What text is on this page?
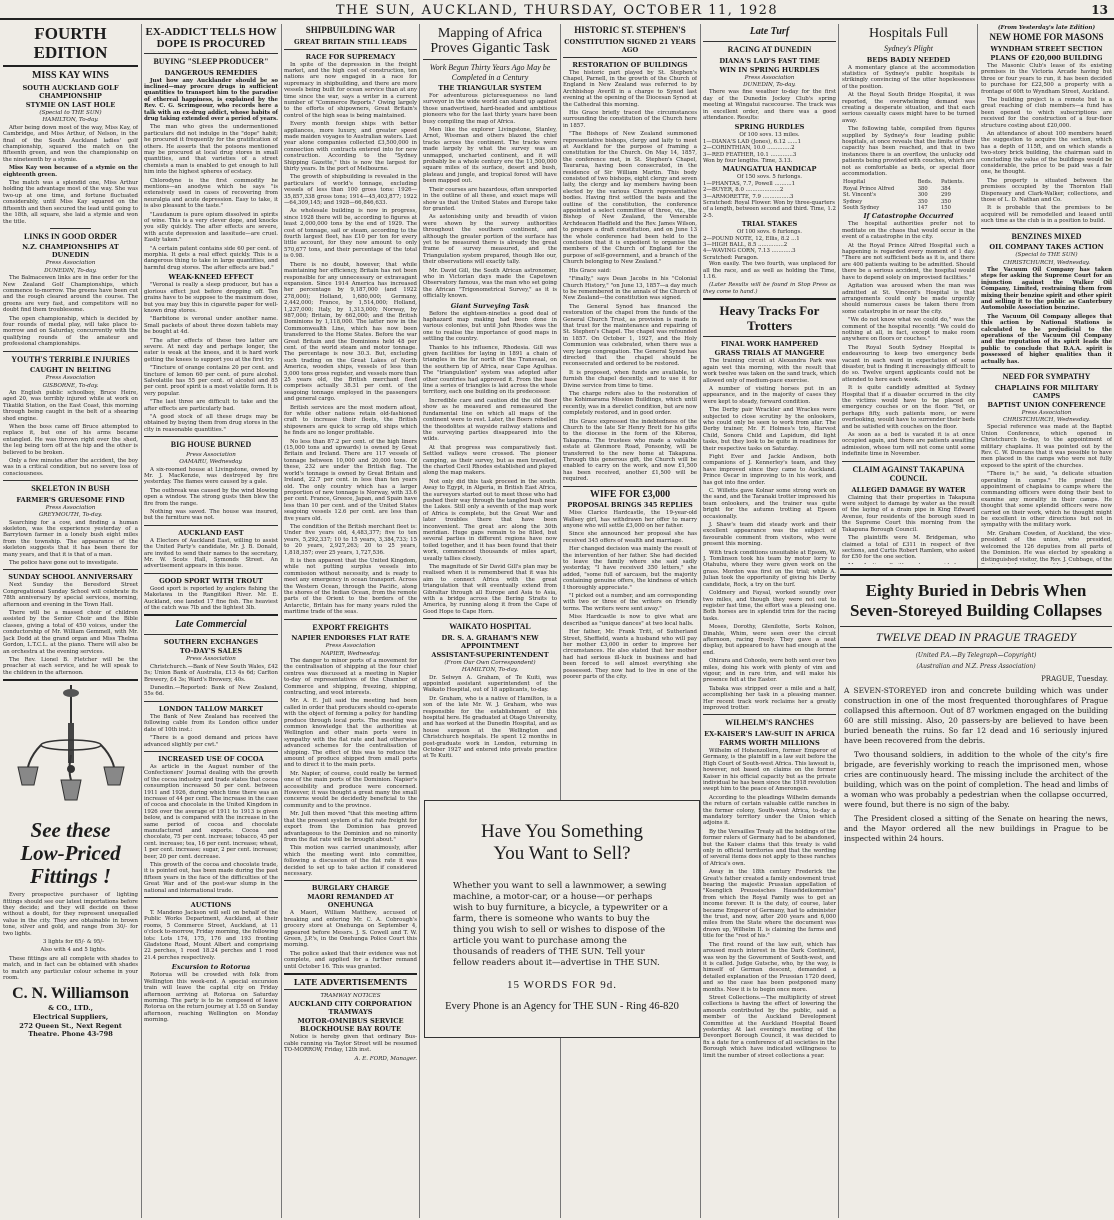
THE SUN, AUCKLAND, THURSDAY, OCTOBER 11, 1928	13
FOURTH EDITION
MISS KAY WINS
SOUTH AUCKLAND GOLF CHAMPIONSHIP
STYMIE ON LAST HOLE
(Special to THE SUN)
HAMILTON, To-day.

After being down most of the way, Miss Kay, of Cambridge, and Miss Arthur, of Nelson, in the final of the South Auckland ladies' golf championship, squared the match on the fifteenth green, and won the championship on the nineteenth by a stymie.

Miss Kay won because of a stymie on the eighteenth green.

The match was a splendid one, Miss Arthur holding the advantage most of the way. She was two-up at one time, and fortune fluctuated considerably, until Miss Kay squared on the fifteenth and then secured the lead until going to the 18th, all square, she laid a stymie and won the title.

LINKS IN GOOD ORDER
N.Z. CHAMPIONSHIPS AT DUNEDIN
Press Association
DUNEDIN, To-day.

The Balmacewen links are in fine order for the New Zealand Golf Championships, which commence to-morrow. The greens have been cut and the rough cleared around the course. The greens are very fast, and competitors will no doubt find them troublesome.

The open championship, which is decided by four rounds of medal play, will take place to-morrow and on Saturday, concurrently with the qualifying rounds of the amateur and professional championships.

YOUTH'S TERRIBLE INJURIES
CAUGHT IN BELTING
Press Association
GISBORNE, To-day.

An English public schoolboy, Bruce Heire, aged 20, was terribly injured while at work on Tikatiki Station, on the East Coast, this morning through being caught in the belt of a shearing shed engine.

When the boss came off Bruce attempted to replace it, but one of his arms became entangled. He was thrown right over the shed, the leg being torn off at the hip and the other is believed to be broken.

Only a few minutes after the accident, the boy was in a critical condition, but no severe loss of consciousness.

SKELETON IN BUSH
FARMER'S GRUESOME FIND
Press Association
GREYMOUTH, To-day.

Searching for a cow, and finding a human skeleton, was the experience yesterday of a Barrytown farmer in a lonely bush eight miles from the township. The appearance of the skeleton suggests that it has been there for many years, and that it is that of a man.

The police have gone out to investigate.

SUNDAY SCHOOL ANNIVERSARY

Next Sunday the Beresford Street Congregational Sunday School will celebrate its 78th anniversary by special services, morning, afternoon and evening in the Town Hall.

There will be a massed choir of children assisted by the Senior Choir and the Bible classes, giving a total of 450 voices, under the conductorship of Mr. William Gemmell, with Mr. Jack Dodd at the grand organ and Miss Thelma Gordon, L.T.C.L. at the piano. There will also be an orchestra at the evening services.

The Rev. Lionel B. Fletcher will be the preacher at each service, and he will speak to the children in the afternoon.

See these
Low-Priced
Fittings !

Every prospective purchaser of lighting fittings should see our latest importations before they decide; and they will decide on these without a doubt, for they represent unequalled value in the city. They are obtainable in brown tone, silver and gold, and range from 30/- for two lights.

3 lights for 65/- & 95/-

Also with 4 and 5 lights.

These fittings are all complete with shades to match, and in fact can be obtained with shades to match any particular colour scheme in your room.

C. N. Williamson
& CO., LTD.,
Electrical Suppliers,
272 Queen St., Next Regent Theatre. Phone 43-798
EX-ADDICT TELLS HOW DOPE IS PROCURED
BUYING "SLEEP PRODUCER"
DANGEROUS REMEDIES

Just how any Aucklander should be so inclined—may procure drugs in sufficient quantities to transport him to the paradise of ethereal happiness, is explained by the Rev. C. G. Scrimgeour, who records here a talk with an ex-drug addict, whose habits of drug taking extended over a period of years.

The man who gives the undermentioned particulars did not indulge in the "dope" habit; he procured it frequently for the gratification of others. He asserts that the poisons mentioned may be procured at local drug stores in small quantities, and that varieties of a street chemists a man is enabled to get enough to lull him into the highest spheres of ecstacy.

Chlorodyne is the first commodity he mentions—an anodyne which he says "is extensively used in cases of recovering from neuralgia and acute depression. Easy to take, it is also pleasant to the taste."

"Laudanum is pure opium dissolved in spirits of wine. This is a very clever dope, and knocks you silly quickly. The after effects are severe, with acute depression and lassitude—are cruel. Easily taken."

"A certain patent contains side 60 per cent. of morphia. It gets a real effect quickly. This is a dangerous thing to take in large quantities, and harmful drug stores. The after effects are bad."

WEAK-KNEED EFFECT

"Veronal is really a sleep producer, but has a glorious effect just before dropping off. Ten grains have to be suppose to the maximum dose, but you may buy this in cigarette paper for well-known drug stores.

"Barbitone is veronal under another name. Small packets of about three dozen tablets may be bought at 4d.

"The after effects of these two latter are severe. At next day and perhaps longer, the eater is weak at the knees, and it is hard work getting the knees to support you at the first try.

"Tincture of orange contains 20 per cent. and tincture of lemon 60 per cent. of pure alcohol. Salvolatile has 55 per cent. of alcohol and 85 per cent. proof spirit is a most volatile form. It is very popular.

"The last three are difficult to take and the after effects are particularly bad.

"A good stock of all these drugs may be obtained by buying them from drug stores in the city in reasonable quantities."

BIG HOUSE BURNED
Press Association
OAMARU, Wednesday.

A six-roomed house at Livingstone, owned by Mr. J. MacKenzie, was destroyed by fire yesterday. The flames were caused by a gale.

The outbreak was caused by the wind blowing open a window. The strong gusts then blew the fire from the range.

Nothing was saved. The house was insured, but the furniture was not.

AUCKLAND EAST

A Electors of Auckland East, willing to assist the United Party's candidate, Mr. J. B. Donald, are invited to send their names to the secretary, Mr. W. Scots Hall, Symonds Street. An advertisement appears in this issue.

GOOD SPORT WITH TROUT

Good sport is reported by anglers fishing the Maketawa in the Rangitikei River. Mr. E. Auckland, one landed 17 fine fish. The heaviest of the catch was 7lb and the lightest 3lb.

Late Commercial
SOUTHERN EXCHANGES
TO-DAY'S SALES
Press Association

Christchurch.—Bank of New South Wales, £42 5s; Union Bank of Australia, £13 4s 6d; Carlton Brewery, £4 3s; Ward's Brewery, 40s.

Dunedin.—Reported: Bank of New Zealand, 55s 6d.

LONDON TALLOW MARKET

The Bank of New Zealand has received the following cable from its London office under date of 10th inst.:

"There is a good demand and prices have advanced slightly per cwt."

INCREASED USE OF COCOA

As article in the August number of the Confectioners' Journal dealing with the growth of the cocoa industry and trade states that cocoa consumption increased 50 per cent. between 1911 and 1926, during which time there was an increase of 44 per cent. The increase in the case of cocoa and chocolate in the United Kingdom in 1926 over the average of 1911 to 1913 is given below, and is compared with the increase in the same period of cocoa and chocolate manufactured and exports. Cocoa and chocolate, 75 per cent. increase; tobacco, 45 per cent. increase; tea, 16 per cent. increase; wheat, 1 per cent. increase; sugar, 2 per cent. increase; beer, 20 per cent. decrease.

This growth of the cocoa and chocolate trade, it is pointed out, has been made during the past fifteen years in the face of the difficulties of the Great War and of the post-war slump in the national and international trade.

AUCTIONS

T. Mandeno Jackson will sell on behalf of the Public Works Department, Auckland, at their rooms, 5 Commerce Street, Auckland, at 11 o'clock to-morrow, Friday morning, the following lots: Lots 174, 175, 176 and 193 fronting Gladstone Road, Mount Albert and comprising 22 perches, 1 rood 18.24 perches and 1 rood 21.4 perches respectively.

Excursion to Rotorua

Rotorua will be crowded with folk from Wellington this week-end. A special excursion train will leave the capital city on Friday afternoon arriving at Rotorua on Saturday morning. The party is to be composed of leave Rotorua on the return journey at 1.55 on Sunday afternoon, reaching Wellington on Monday morning.

SHIPBUILDING WAR
GREAT BRITAIN STILL LEADS
RACE FOR SUPREMACY

In spite of the depression in the freight market, and the high cost of construction, ten nations are now engaged in a race for supremacy in shipbuilding, and there are more vessels being built for ocean service than at any time since the war, says a writer in a current number of "Commerce Reports." Owing largely to the efforts of shipowners, Great Britain's control of the high seas is being maintained.

Every month foreign ships with better appliances, more luxury, and greater speed made maiden voyages to Australian waters. Last year alone companies collected £3,500,000 in connection with contracts entered into for new construction. According to the "Sydney Shipping Gazette," this is now the largest for thirty years. In the port of Melbourne.

The growth of shipbuilding is revealed in the particulars of world's tonnage, excluding vessels of less than 100 gross tons: 1926—35,857,338 gross tons; 1914—45,403,877; 1922—64,309,145; and 1928—66,846,633.

As wholesale building is now in progress, since 1928 there will be, according to figures at least 2,000,000 tons by the end of 1929. The cost of tonnage, sail or steam, according to the fourth largest fleet, has £10 per ton for every little account, for they now amount to only 570,677 tons, and their percentage of the total is 0.98.

There is no doubt, however, that while maintaining her efficiency, Britain has not been responsible for any unnecessary or extravagant expansion. Since 1914 America has increased her percentage by 9,187,000 (and 1922 278,000); Holland, 1,680,000; Germany, 2,442,000; France, by 1,514,000; Holland, 1,237,000; Italy, by 1,313,000; Norway, by 987,000; Britain, by 662,000; and the British Dominions by 1,118,000. The latter now in the Commonwealth Line, which has now been transferred to the Home States. Before the war Great Britain and the Dominions held 48 per cent. of the world steam and motor tonnage. The percentage is now 30.3. But, excluding such trading on the Great Lakes of North America, wooden ships, vessels of less than 5,000 tons gross register, and vessels more than 25 years old, the British merchant fleet comprises actually 38.31 per cent. of the seagoing tonnage employed in the passengers and general cargo.

British services are the most modern afloat, for while other nations retain old-fashioned craft to increase their fleets, the British shipowners are quick to scrap old ships which he finds are no longer profitable.

No less than 87.2 per cent. of the high liners (15,000 tons and upwards) is owned by Great Britain and Ireland. There are 117 vessels of tonnage between 10,000 and 20,000 tons. Of these, 232 are under the British flag. The world's tonnage is owned by Great Britain and Ireland, 22.7 per cent. in less than ten years old. The only country which has a larger proportion of new tonnage is Norway, with 33.6 per cent. France, Greece, Japan, and Spain have less than 10 per cent. and of the United States seagoing vessels 12.6 per cent. are less than five years old.

The condition of the British merchant fleet is: Under five years old, 4,483,377; five to ten years, 5,292,337; 10 to 15 years, 3,384,733; 15 to 20 years, 2,927,263; 20 to 25 years, 1,818,357; over 25 years, 1,727,536.

It is then apparent that the United Kingdom, while not putting surplus vessels into commission without necessity, and is ready to meet any emergency in ocean transport. Across the Western Ocean, through the Pacific, along the shores of the Indian Ocean, from the remote parts of the Orient to the borders of the Antarctic, Britain has for many years ruled the maritime trade of the seas.

EXPORT FREIGHTS
NAPIER ENDORSES FLAT RATE
Press Association
NAPIER, Wednesday.

The danger to minor ports of a movement for the centralisation of shipping at the four chief centres was discussed at a meeting in Napier to-day of representatives of the Chamber of Commerce and shipping, freezing, shipping, contracting, and wool interests.

Mr. A. E. Jull said the meeting had been called in order that producers should co-operate with the object of forming a policy for handling produce through local ports. The meeting was common knowledge that the authorities at Wellington and other main ports were in sympathy with the flat rate and had otherwise advanced schemes for the centralisation of shipping. The effect of this was to reduce the amount of produce shipped from small ports and to direct it to the main ports.

Mr. Napier, of course, could really be termed one of the main ports of the Dominion. Napier's accessibility and produce were concerned. However, it was thought a great many the small concerns would be decidedly beneficial to the community and to the province.

Mr. Jull then moved "that this meeting affirm that the present system of a flat rate freight for export from the Dominion has proved advantageous to the Dominion and no minority from the flat rate will be brought about."

This motion was carried unanimously, after which the meeting went into committee, following a discussion of the flat rate it was decided to set up to take action if considered necessary.

BURGLARY CHARGE
MAORI REMANDED AT ONEHUNGA

A Maori, William Matthew, accused of breaking and entering Mr. C. A. Cobrough's grocery store at Onehunga on September 4, appeared before Messrs. J. S. Cowell and T. W. Green, J.P.'s, in the Onehunga Police Court this morning.

The police asked that their evidence was not complete, and applied for a further remand until October 16. This was granted.

LATE ADVERTISEMENTS
TRAMWAY NOTICES
AUCKLAND CITY CORPORATION TRAMWAYS
MOTOR-OMNIBUS SERVICE BLOCKHOUSE BAY ROUTE

Notice is hereby given that ordinary Bus-cable running via Taylor Street will be resumed TO-MORROW, Friday, 12th inst.

A. E. FORD, Manager.
Mapping of Africa Proves Gigantic Task
Work Begun Thirty Years Ago May be Completed in a Century
THE TRIANGULAR SYSTEM

For adventurous picturesqueness no land surveyor in the wide world can stand up against those unadvertised, hard-headed and ambitious pioneers who for the last thirty years have been busy compiling the map of Africa.

Men like the explorer Livingstone, Stanley, Arnot, Wissman and others blazed the chief tracks across the continent. The tracks were made largely by what the survey was an unmapped, uncharted continent, and it will probably be a whole century ere the 11,500,000 square miles of its surface, desert and bush, plateau and jungle, and tropical forest will have been mapped out.

Their courses are hazardous, often unreported in the outline of all these, and exact maps will show us that the United States and Europe take for granted.

As astonishing unity and breadth of vision were shown by the survey authorities throughout the southern continent, and although the greater portion of the surface has yet to be measured there is already the great frame of survey measured, and the Triangulation system prepared, though like our, their observations will exactly tally.

Mr. David Gill, the South African astronomer, who in Victorian days made the Capetown Observatory famous, was the man who set going the African "Trigonometrical Survey," as it is officially known.

Giant Surveying Task

Before the eighteen-nineties a good deal of haphazard map making had been done in various colonies, but until John Rhodes was the one to realise the importance of good maps in settling the country.

Thanks to his influence, Rhodesia. Gill was given facilities for laying in 1891 a chain of triangles in the far north of the Transvaal, on the southern tip of Africa, near Cape Agulhas. The "triangulation" system was adopted after other countries had approved it. From the base line a series of triangles is laid across the whole territory, each one building on its predecessor.

Incredible care and caution did the old Boer show as he measured and remeasured the fundamental line on which all maps of the continent were to rest. Later, the Boers rebelled the theodolites at wayside railway stations and the surveying parties disappeared into the wilds.

At that progress was comparatively fast. Settled valleys were crossed. The pioneer camping, as their survey, but as men travelled, the charted Cecil Rhodes established and played along the map makers.

Not only did this task proceed in the south. Away to Egypt, in Algeria, in British East Africa, the surveyors started out to meet those who had pushed their way through the tangled bush near the Lakes. Still only a seventh of the map work of Africa is complete, but the Great War and later troubles there that have been inconvenient. The great arc along the 30th meridian. Huge gaps remain to be filled, but several parties in different regions have now toiled together, and it has been found that their work, commenced thousands of miles apart, usually tallies closely.

The magnitude of Sir David Gill's plan may be realised when it is remembered that it was his aim to connect Africa with the great triangulation that will eventually extend from Gibraltar through all Europe and Asia to Asia, with a bridge across the Bering Straits to America, by running along it from the Cape of Good Hope to Cape Horn.

WAIKATO HOSPITAL
DR. S. A. GRAHAM'S NEW APPOINTMENT
ASSISTANT-SUPERINTENDENT
(From Our Own Correspondent)
HAMILTON, To-day.

Dr. Selwyn A. Graham, of Te Kuiti, was appointed assistant superintendent of the Waikato Hospital, out of 18 applicants, to-day.

Dr. Graham, who is a native of Hamilton, is a son of the late Mr. W. J. Graham, who was responsible for the establishment of this hospital here. He graduated at Otago University, and has worked at the Dunedin Hospital, and as house surgeon at the Wellington and Christchurch hospitals. He spent 12 months in post-graduate work in London, returning in October 1927 and entered into private practice at Te Kuiti.

HISTORIC ST. STEPHEN'S
CONSTITUTION SIGNED 21 YEARS AGO
RESTORATION OF BUILDINGS

The historic part played by St. Stephen's Chapel, Parnell, in the growth of the Church of England in New Zealand was referred to by Archbishop Averill in a charge to Synod last evening at the opening of the Diocesan Synod at the Cathedral this morning.

His Grace briefly traced the circumstances surrounding the constitution of the Church here in 1857.

"The Bishops of New Zealand summoned representative bishops, clergy and laity to meet at Auckland for the purpose of framing a constitution for the Church. On May 14, 1857, the conference met, in St. Stephen's Chapel, Taurarua, having been consecrated, in the residence of Sir William Martin. This body consisted of two bishops, eight clergy and seven laity, the clergy and lay members having been elected by the various Church representative bodies. Having first settled the basis and the outline of the constitution, the conference appointed a select committee of three, viz., the Bishop of New Zealand, the Venerable Archdeacon Hadfield and the Rev. James Wilson, to prepare a draft constitution, and on June 13 the whole conference had been held to the conclusion that it is expedient to organise the members of the Church of England for the purpose of self-government, and a branch of the Church belonging to New Zealand."

His Grace said:

"Finally," says Dean Jacobs in his "Colonial Church History," "on June 13, 1857—a day much to be remembered in the annals of the Church of New Zealand—the constitution was signed.

The General Synod has financed the restoration of the chapel from the funds of the General Church Trust, as provision is made in that trust for the maintenance and repairing of St. Stephen's Chapel. The chapel was refounded in 1857. On October 1, 1927, and the Holy Communion was celebrated, when there was a very large congregation. The General Synod has directed that the chapel should be reconsecrated and ordered to be restored.

It is proposed, when funds are available, to furnish the chapel decently, and to use it for Divine service from time to time.

The charge refers also to the restoration of the Kohimarama Mission Buildings, which until recently, was in a derelict condition, but are now completely restored, and in good order.

His Grace expressed the indebtedness of the Church to the late Sir Henry Brett for his gifts to the diocese in the form of the Kiteroa, Takapuna. The trustees who made a valuable estate at Glenmore Road, Ponsonby, will be transferred to the new home at Takapuna. Through this generous gift, the Church will be enabled to carry on the work, and now £1,500 has been received, another £1,500 will be required.

WIFE FOR £3,000
PROPOSAL BRINGS 345 REPLIES

Miss Clarice Hardcastle, the 19-year-old Wallsey girl, has withdrawn her offer to marry anyone who will settle £3,000 on her father.

Since she announced her proposal she has received 345 offers of wealth and marriage.

Her changed decision was mainly the result of the intervention of her father. She had decided to leave the family where she said sadly yesterday, "I have received 350 letters," she added, "some full of sarcasm, but the majority containing genuine offers, the kindness of which I thoroughly appreciate."

"I picked out a number, and am corresponding with two or three of the writers on friendly terms. The writers were sent away."

Miss Hardcastle is now to give what are described as "unique dances" at two local halls.

Her father, Mr. Frank Tritt, of Sutherland Street, Sheffield, wants a husband who will pay her mother £3,000 in order to improve her circumstances. He also stated that her mother had had serious ill-luck in business and had been forced to sell almost everything she possessed. They now had to live in one of the poorer parts of the city.

Have You Something
You Want to Sell?
Whether you want to sell a lawnmower, a sewing machine, a motor-car, or a house—or perhaps wish to buy furniture, a bicycle, a typewriter or a farm, there is someone who wants to buy the thing you wish to sell or wishes to dispose of the article you want to purchase among the thousands of readers of THE SUN. Tell your fellow readers about it—advertise in THE SUN.
15 WORDS FOR 9d.
Every Phone is an Agency for THE SUN - Ring 46-820
Late Turf
RACING AT DUNEDIN
DIANA'S LAD'S FAST TIME
WIN IN SPRING HURDLES
Press Association
DUNEDIN, To-day.

There was fine weather to-day for the first day of the Dunedin Jockey Club's spring meeting at Wingatui racecourse. The track was in excellent order, and there was a good attendance. Results:

SPRING HURDLES
Of 100 sovs. 13 miles.
1—DIANA'S LAD (Jones), 6.12 ......1
2—CORINTHIAN, 10.0 ..............2
3—RED FEATHER, 10.1 .............3
Won by four lengths. Time, 3.13.
MAUNGATUA HANDICAP
Of 150 sovs. 5 furlongs.
1—PHANTAS, 7.7, Powell ..........1
2—BUYER, 8.0 ....................2
3—ARMORETTE, 7.9 ................3
Scratched: Royal Flower. Won by three-quarters of a length, between second and third. Time, 1.2 2-5.
TRIAL STAKES
Of 100 sovs. 6 furlongs.
2—POUND NOTE, 12, Ellis, 8.2 ...1
3—HIGH BALL, 8.5 ...............2
4—WAVING CORN, 7.13 ............3
Scratched: Paragon.

Won easily. The two fourth, was unplaced for all the race, and as well as holding the Time, 1.16.

(Later Results will be found in Stop Press as they come to hand.)

Heavy Tracks For Trotters
FINAL WORK HAMPERED
GRASS TRIALS AT MANGERE

The training circuit at Alexandra Park was again wet this morning, with the result that work twelve was taken on the sand track, which allowed only of medium-pace exercise.

A number of visiting horses put in an appearance, and in the majority of cases they were kept to steady, forward condition.

The Derby pair Wrackler and Wrackes were subjected to close scrutiny by the onlookers, who could only be seen to work from afar. The Derby trainer, Mr. F. Holmes's trio, Harvest Child, Sonora Child and Lapidum, did light tasks, but they look to be quite in readiness for their respective tasks on Saturday.

Fight Ever and Jackie Andison, both companions of J. Kennerley's team, and they have improved since they came to Auckland. Prince Oscar in improving to in his work, and has got into fine order.

C. Willetts gave Kolnar some strong work on the sand, and the Taranaki trotter impressed his team onlookers, and the trainer was quite bright for the autumn trotting at Epsom occasionally.

J. Shaw's team did steady work and their excellent appearance was the subject of favourable comment from visitors, who were present this morning.

With track conditions unsuitable at Epsom, W. J. Tomlinson took his team by motor lorry to Otahuhu, where they were given work on the grass. Mordon was first on the trial; while A. Julian took the opportunity of giving his Derby candidate, Rock, a try on the turf.

Coldmery and Faysal, worked soundly over two miles, and though they were not out to register fast time, the effort was a pleasing one. Both horses are in splendid trim for the racing tasks.

Moses, Dorothy, Glenilotte, Sorts Kolnon, Dinahle, Whim, were seen over the circuit afternoon, racing freely. They gave a neat display, but appeared to have had enough at the end.

Ohirara and Cohoolo, were both sent over two miles, doing his work with plenty of vim and vigour, and in rare trim, and will make his presence felt at the Easter.

Tabaka was stripped over a mile and a half, accomplishing her task in a pleasing manner. Her recent track work reclaims her a greatly improved trotter.

WILHELM'S RANCHES
EX-KAISER'S LAW-SUIT IN AFRICA
FARMS WORTH MILLIONS

Wilhelm of Hohenzollern, former Emperor of Germany, is the plaintiff in a law suit before the High Court of South-west Africa. This lawsuit is, however, not based on claims on the former Kaiser in his official capacity but as the private individual he has been since the 1918 revolution swept him to the peace of Amerongen.

According to the pleadings Wilhelm demands the return of certain valuable cattle ranches in the former colony, South-west Africa, to-day a mandatory territory under the Union which adjoins it.

By the Versailles Treaty all the holdings of the former rulers of Germany had to be abandoned, but the Kaiser claims that this treaty is valid only in official territories and that the wording of several items does not apply to these ranches of Africa's own.

Away in the 18th century Frederick the Great's father created a family endowment trust bearing the majestic Prussian appellation of "Koenglich Preussisches Hausfideikommiss" from which the Royal Family was to get an income forever. It is the duty, of course, later became Emperor of Germany, had to administer the trust, and now, after 200 years and 6,000 miles from the State where the document was drawn up, Wilhelm II. is claiming the farms and title for the "rest of his."

The first round of the law suit, which has aroused much interest in the Dark Continent, was won by the Government of South-west, and it is called. Judge Gutsche, who, by the way, is himself of German descent, demanded a detailed explanation of the Prussian 1720 deed, and so the case has been postponed many months. Now it is to begin once more.

Street Collections.—The multiplicity of street collections is having the effect of lowering the amounts contributed by the public, said a member of the Auckland Development Committee at the Auckland Hospital Board yesterday. At last evening's meeting of the Devonport Borough Council, it was decided to fix a date for a conference of all societies in the Borough which have indicated willingness to limit the number of street collections a year.

Hospitals Full
Sydney's Plight
BEDS BADLY NEEDED

A momentary glance at the accommodation statistics of Sydney's public hospitals is strikingly convincing of the utter hopelessness of the position.

At the Royal South Bridge Hospital, it was reported, the overwhelming demand was creating a desperate situation, and that each serious casualty cases might have to be turned away.

The following table, compiled from figures supplied by Sydney's four leading public hospitals, at once reveals that the limits of their capacity has been reached, and that in two instances there is an overflow, the unlucky odd patients being provided with couches, which are not as comfortable as beds, or special floor accommodation.

Hospital	Beds.	Patients.
Royal Prince Alfred	380	384
St. Vincent's	300	299
Sydney	350	350
South Sydney	147	150
If Catastrophe Occurred

The hospital authorities prefer not to meditate on the chaos that would occur in the event of a catastrophe in the city.

At the Royal Prince Alfred Hospital such a happening is regarded every moment of 1 day. "There are not sufficient beds as it is, and there are 400 patients waiting to be admitted. Should there be a serious accident, the hospital would have to depend solely on improvised facilities."

Agitation was aroused when the man was admitted at St. Vincent's Hospital is that arrangements could only be made urgently should numerous cases be taken there from some catastrophe in or near the city.

"We do not know what we could do," was the comment of the hospital recently. "We could do nothing at all, in fact, except to make room anywhere on floors or couches."

The Royal South Sydney Hospital is endeavouring to keep two emergency beds vacant in each ward in expectation of some disaster, but is finding it increasingly difficult to do so. Twelve urgent applicants could not be attended to here each week.

It is quite candidly admitted at Sydney Hospital that if a disaster occurred in the city the victims would have to be placed on emergency couches or on the floor. "Yet, or perhaps fifty, such patients more, or were overlooking, would have to surrender their beds and be satisfied with couches on the floor.

As soon as a bed is vacated it is at once occupied again, and there are patients awaiting admission, whose turn will not come until some indefinite time in November.

CLAIM AGAINST TAKAPUNA COUNCIL
ALLEGED DAMAGE BY WATER

Claiming that their properties in Takapuna were subject to damage by water as the result of the laying of a drain pipe in King Edward Avenue, four residents of the borough sued in the Supreme Court this morning from the Takapuna Borough Council.

The plaintiffs were M. Bridgeman, who claimed a total of £311 in respect of five sections, and Curtis Robert Ramlem, who asked for £50 for the one section.

(From Yesterday's late Edition)
NEW HOME FOR MASONS
WYNDHAM STREET SECTION
PLANS OF £20,000 BUILDING

The Masonic Club's lease of its existing premises in the Victoria Arcade having but three or four years to run, it has been decided to purchase for £22,500 a property with a frontage of 60ft to Wyndham Street, Auckland.

The building project is a remote but is a great reaching of club members—a fund has been opened to which subscriptions are received for the construction of a four-floor structure costing about £20,000.

An attendance of about 100 members heard the suggestion to acquire the section, which has a depth of 115ft, and on which stands a two-story brick building, the chairman said in concluding the value of the buildings would be considerable, the price to be paid was a fair one, he thought.

The property is situated between the premises occupied by the Thornton Hall Dispensary and Clark-Walker, collections, and those of L. D. Nathan and Co.

It is probable that the premises to be acquired will be remodelled and leased until such time as the club is in a position to build.

BENZINES MIXED
OIL COMPANY TAKES ACTION
(Special to THE SUN)
CHRISTCHURCH, Wednesday.

The Vacuum Oil Company has taken steps for asking the Supreme Court for an injunction against the Walker Oil Company, Limited, restraining them from mixing their benzine spirit and other spirit and selling it to the public as Canterbury Automobile Association benzine.

The Vacuum Oil Company alleges that this action by National Stations is calculated to be prejudicial to the operations of the Vacuum Oil Company and the reputation of its spirit leads the public to conclude that D.A.A. spirit is possessed of higher qualities than it actually has.

NEED FOR SYMPATHY
CHAPLAINS FOR MILITARY CAMPS
BAPTIST UNION CONFERENCE
Press Association
CHRISTCHURCH, Wednesday.

Special reference was made at the Baptist Union Conference, which opened in Christchurch to-day, to the appointment of military chaplains. It was pointed out by the Rev. C. W. Duncans that it was possible to have men placed in the camps who were not fully exposed to the spirit of the churches.

"There is," he said, "a delicate situation operating in camps." He praised the appointment of chaplains to camps where the commanding officers were doing their best to examine any morality in their camps. He thought that some splendid officers were now carried on their work, which he thought might be excellent in other directions but not in sympathy with the military work.

Mr. Graham Cowden, of Auckland, the vice-president of the union, who presided, welcomed the 126 deputies from all parts of the Dominion. He was elected by speaking a distinguished visitor, the Rev. J. Cubbage, of the

Eighty Buried in Debris When Seven-Storeyed Building Collapses
TWELVE DEAD IN PRAGUE TRAGEDY
(United P.A.—By Telegraph—Copyright)
(Australian and N.Z. Press Association)
PRAGUE, Tuesday.

A SEVEN-STOREYED iron and concrete building which was under construction in one of the most frequented thoroughfares of Prague collapsed this afternoon. Out of 87 workmen engaged on the building 60 are still missing. Also, 20 passers-by are believed to have been buried beneath the ruins. So far 12 dead and 16 seriously injured have been recovered from the debris.

Two thousand soldiers, in addition to the whole of the city's fire brigade, are feverishly working to reach the imprisoned men, whose cries are continuously heard. The missing include the architect of the building, which was on the point of completion. The head and limbs of a woman who was probably a pedestrian when the collapse occurred, were found, but there is no sign of the baby.

The President closed a sitting of the Senate on hearing the news, and the Mayor ordered all the new buildings in Prague to be inspected within 24 hours.
